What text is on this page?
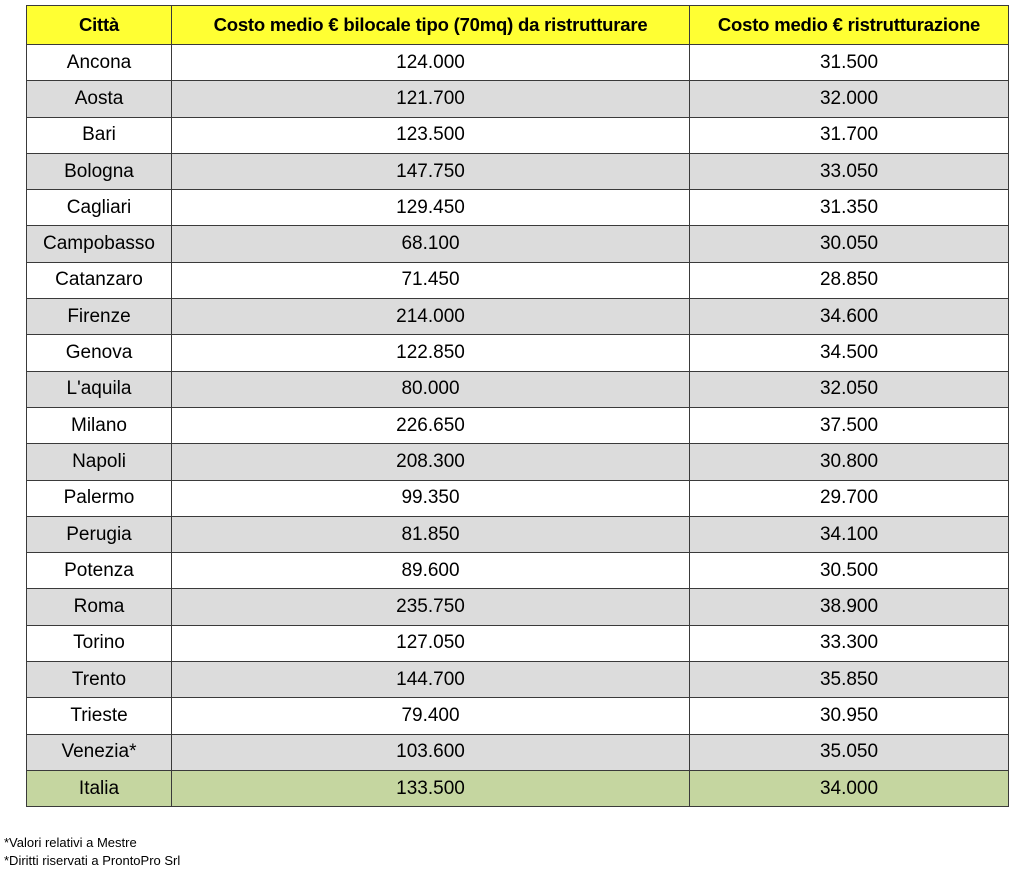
Città	Costo medio € bilocale tipo (70mq) da ristrutturare	Costo medio € ristrutturazione
Ancona	124.000	31.500
Aosta	121.700	32.000
Bari	123.500	31.700
Bologna	147.750	33.050
Cagliari	129.450	31.350
Campobasso	68.100	30.050
Catanzaro	71.450	28.850
Firenze	214.000	34.600
Genova	122.850	34.500
L'aquila	80.000	32.050
Milano	226.650	37.500
Napoli	208.300	30.800
Palermo	99.350	29.700
Perugia	81.850	34.100
Potenza	89.600	30.500
Roma	235.750	38.900
Torino	127.050	33.300
Trento	144.700	35.850
Trieste	79.400	30.950
Venezia*	103.600	35.050
Italia	133.500	34.000
*Valori relativi a Mestre
*Diritti riservati a ProntoPro Srl
